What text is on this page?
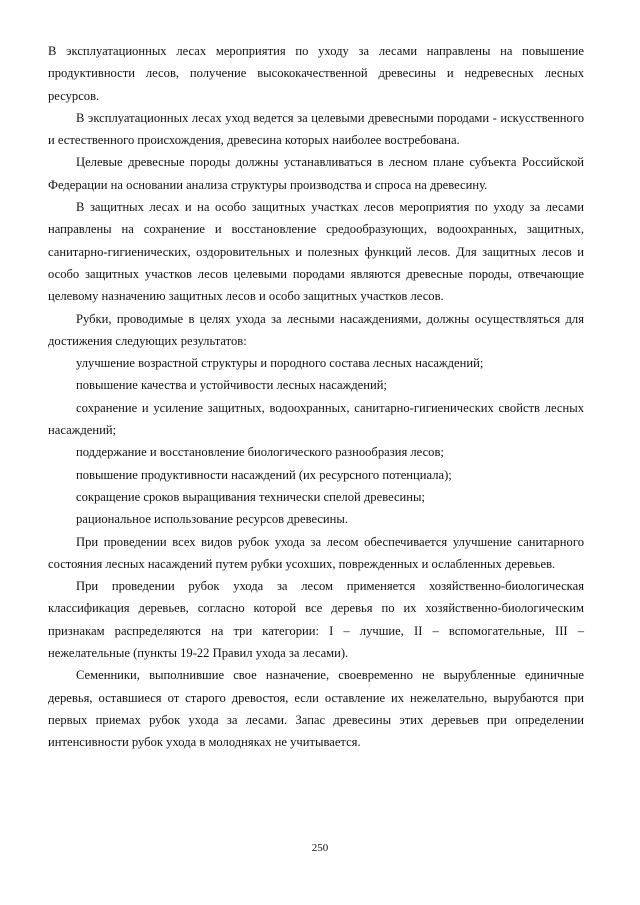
В эксплуатационных лесах мероприятия по уходу за лесами направлены на повышение продуктивности лесов, получение высококачественной древесины и недревесных лесных ресурсов.

В эксплуатационных лесах уход ведется за целевыми древесными породами - искусственного и естественного происхождения, древесина которых наиболее востребована.

Целевые древесные породы должны устанавливаться в лесном плане субъекта Российской Федерации на основании анализа структуры производства и спроса на древесину.

В защитных лесах и на особо защитных участках лесов мероприятия по уходу за лесами направлены на сохранение и восстановление средообразующих, водоохранных, защитных, санитарно-гигиенических, оздоровительных и полезных функций лесов. Для защитных лесов и особо защитных участков лесов целевыми породами являются древесные породы, отвечающие целевому назначению защитных лесов и особо защитных участков лесов.

Рубки, проводимые в целях ухода за лесными насаждениями, должны осуществляться для достижения следующих результатов:

улучшение возрастной структуры и породного состава лесных насаждений;

повышение качества и устойчивости лесных насаждений;

сохранение и усиление защитных, водоохранных, санитарно-гигиенических свойств лесных насаждений;

поддержание и восстановление биологического разнообразия лесов;

повышение продуктивности насаждений (их ресурсного потенциала);

сокращение сроков выращивания технически спелой древесины;

рациональное использование ресурсов древесины.

При проведении всех видов рубок ухода за лесом обеспечивается улучшение санитарного состояния лесных насаждений путем рубки усохших, поврежденных и ослабленных деревьев.

При проведении рубок ухода за лесом применяется хозяйственно-биологическая классификация деревьев, согласно которой все деревья по их хозяйственно-биологическим признакам распределяются на три категории: I – лучшие, II – вспомогательные, III – нежелательные (пункты 19-22 Правил ухода за лесами).

Семенники, выполнившие свое назначение, своевременно не вырубленные единичные деревья, оставшиеся от старого древостоя, если оставление их нежелательно, вырубаются при первых приемах рубок ухода за лесами. Запас древесины этих деревьев при определении интенсивности рубок ухода в молодняках не учитывается.

250
